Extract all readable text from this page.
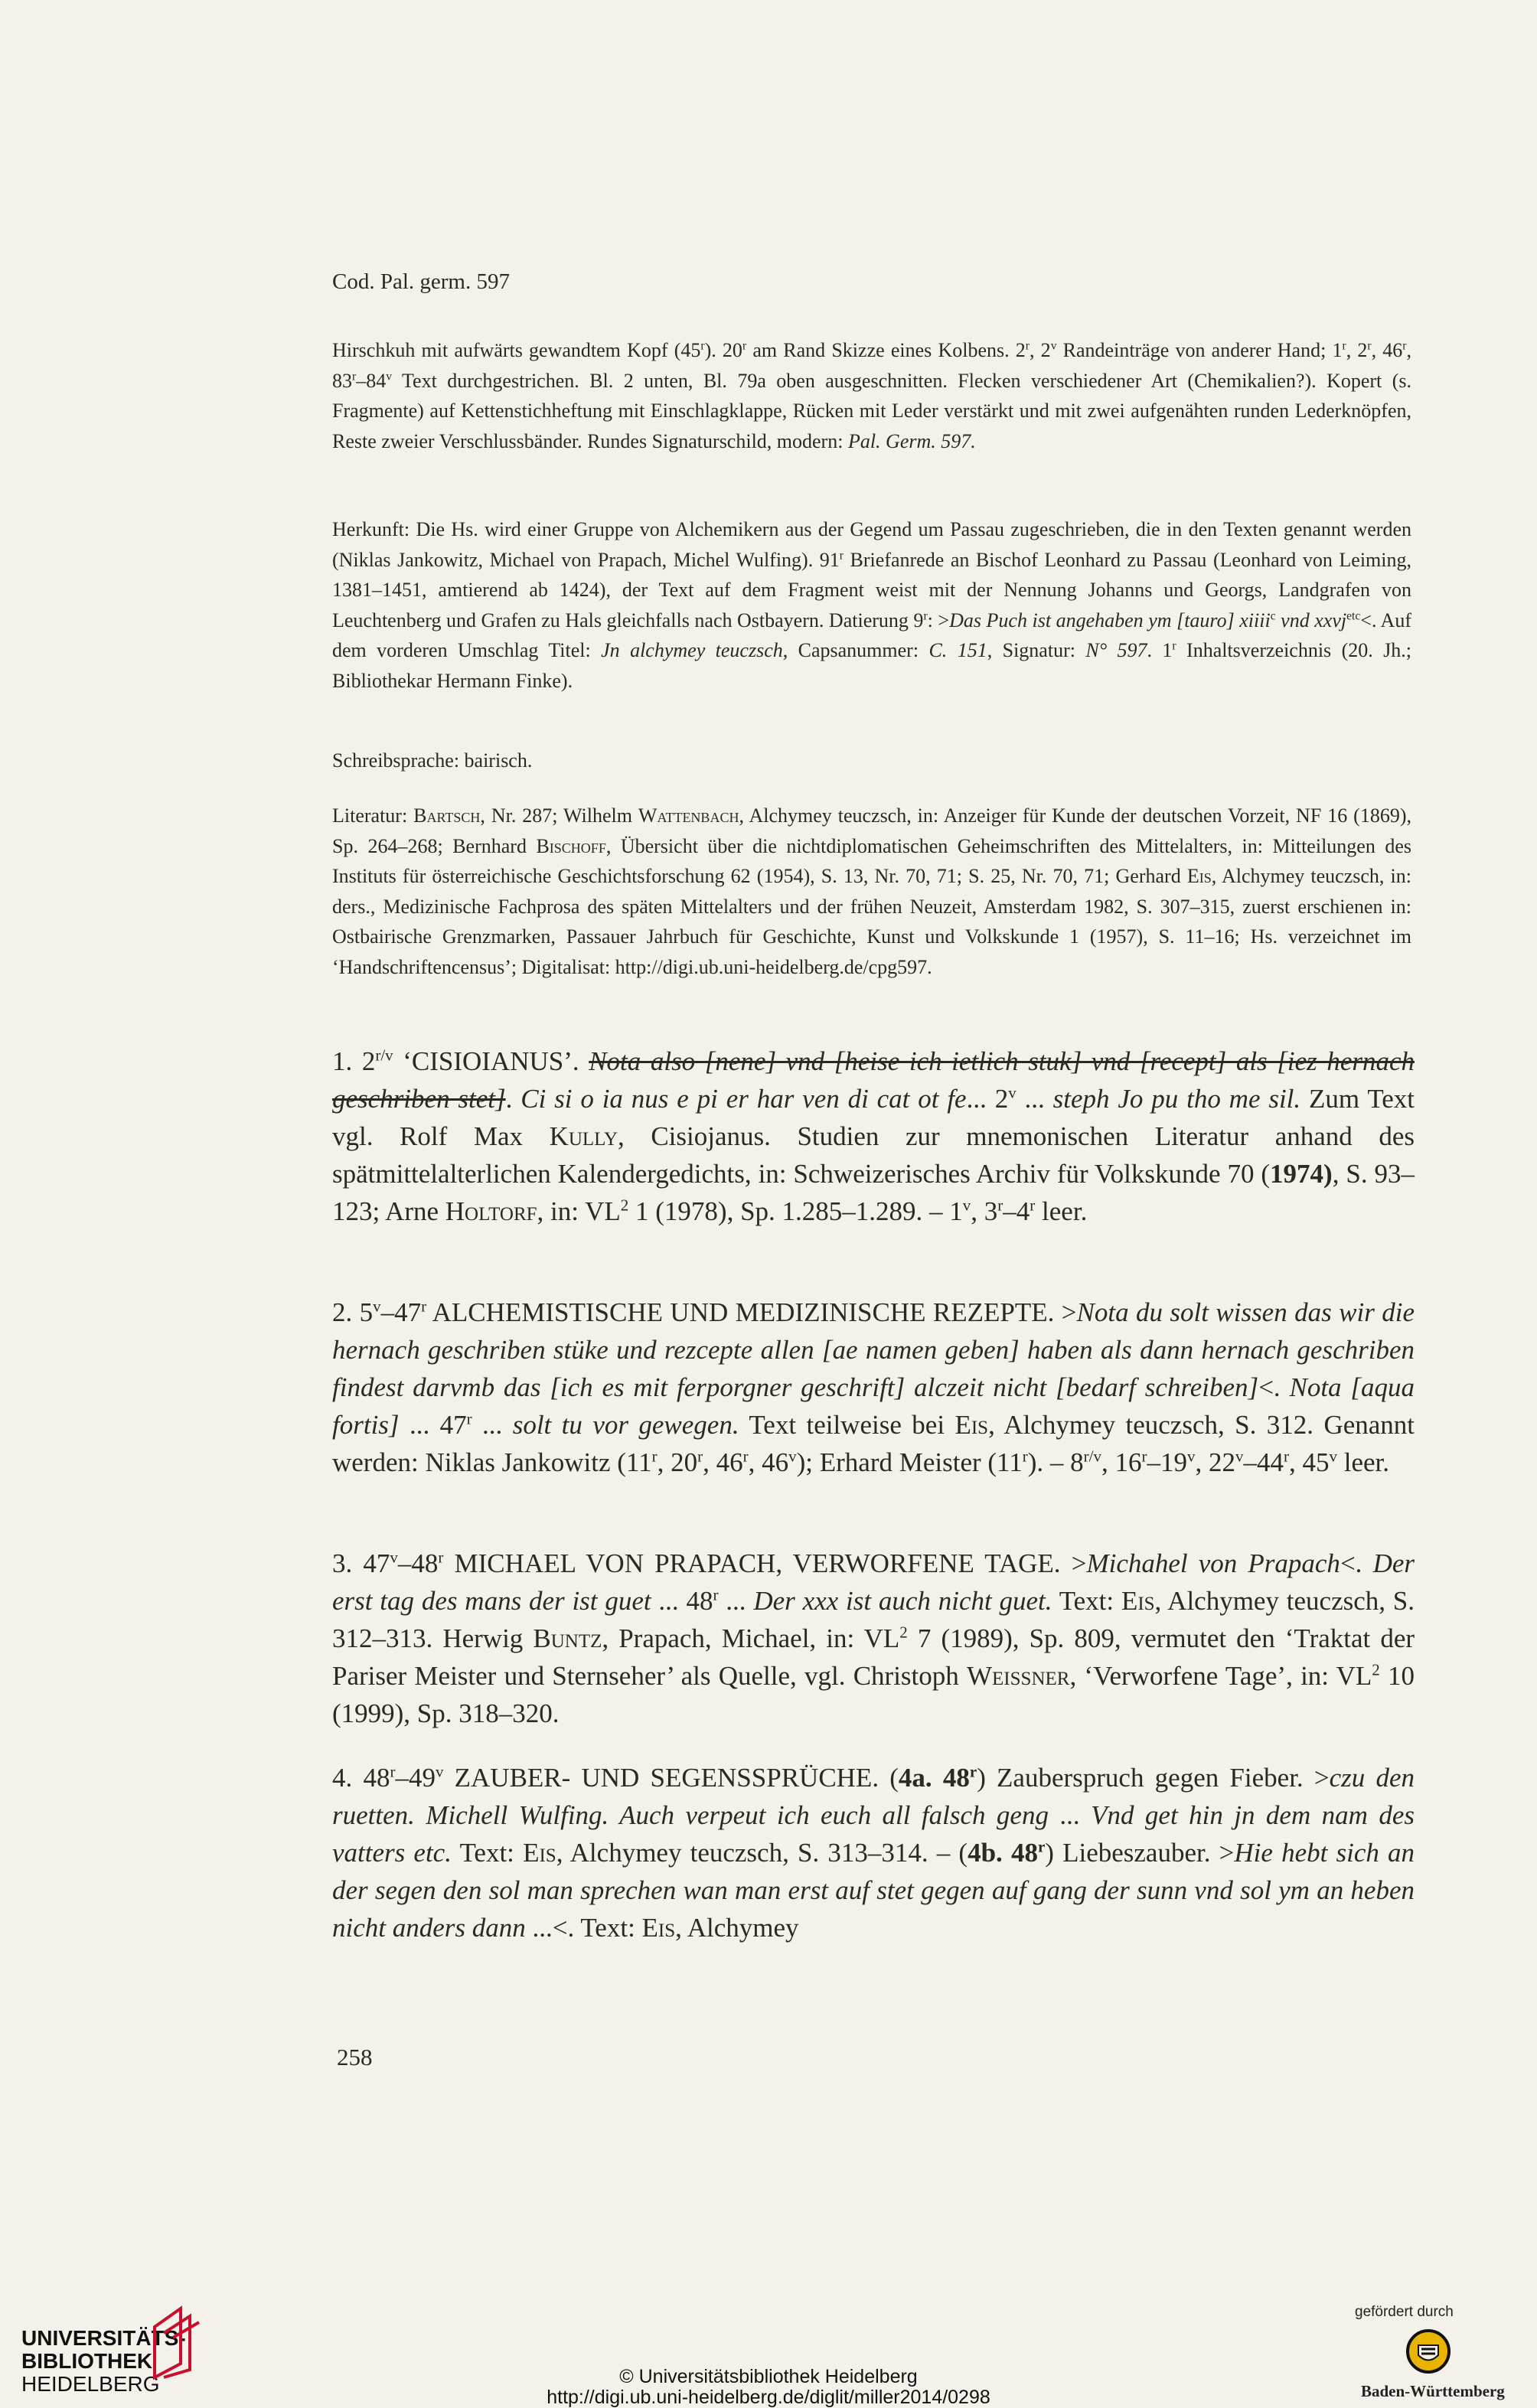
Cod. Pal. germ. 597

Hirschkuh mit aufwärts gewandtem Kopf (45$^r$). 20$^r$ am Rand Skizze eines Kolbens. 2$^r$, 2$^v$ Randeinträge von anderer Hand; 1$^r$, 2$^r$, 46$^r$, 83$^r$–84$^v$ Text durchgestrichen. Bl. 2 unten, Bl. 79a oben ausgeschnitten. Flecken verschiedener Art (Chemikalien?). Kopert (s. Fragmente) auf Kettenstichheftung mit Einschlagklappe, Rücken mit Leder verstärkt und mit zwei aufgenähten runden Lederknöpfen, Reste zweier Verschlussbänder. Rundes Signaturschild, modern: Pal. Germ. 597.

Herkunft: Die Hs. wird einer Gruppe von Alchemikern aus der Gegend um Passau zugeschrieben, die in den Texten genannt werden (Niklas Jankowitz, Michael von Prapach, Michel Wulfing). 91$^r$ Briefanrede an Bischof Leonhard zu Passau (Leonhard von Leiming, 1381–1451, amtierend ab 1424), der Text auf dem Fragment weist mit der Nennung Johanns und Georgs, Landgrafen von Leuchtenberg und Grafen zu Hals gleichfalls nach Ostbayern. Datierung $9^r$: >Das Puch ist angehaben ym [tauro] xiiii$^c$ vnd xxvj$^{etc}$<. Auf dem vorderen Umschlag Titel: Jn alchymey teuczsch, Capsanummer: C. 151, Signatur: N° 597. 1$^r$ Inhaltsverzeichnis (20. Jh.; Bibliothekar Hermann Finke).

Schreibsprache: bairisch.

Literatur: Bartsch, Nr. 287; Wilhelm Wattenbach, Alchymey teuczsch, in: Anzeiger für Kunde der deutschen Vorzeit, NF 16 (1869), Sp. 264–268; Bernhard Bischoff, Übersicht über die nichtdiplomatischen Geheimschriften des Mittelalters, in: Mitteilungen des Instituts für österreichische Geschichtsforschung 62 (1954), S. 13, Nr. 70, 71; S. 25, Nr. 70, 71; Gerhard Eis, Alchymey teuczsch, in: ders., Medizinische Fachprosa des späten Mittelalters und der frühen Neuzeit, Amsterdam 1982, S. 307–315, zuerst erschienen in: Ostbairische Grenzmarken, Passauer Jahrbuch für Geschichte, Kunst und Volkskunde 1 (1957), S. 11–16; Hs. verzeichnet im ‘Handschriftencensus’; Digitalisat: http://digi.ub.uni-heidelberg.de/cpg597.

1. $2^{r/v}$ ‘CISIOIANUS’. Nota also [nene] vnd [heise ich ietlich stuk] vnd [recept] als [iez hernach geschriben stet]. Ci si o ia nus e pi er har ven di cat ot fe... 2$^v$ ... steph Jo pu tho me sil. Zum Text vgl. Rolf Max Kully, Cisiojanus. Studien zur mnemonischen Literatur anhand des spätmittelalterlichen Kalendergedichts, in: Schweizerisches Archiv für Volkskunde 70 (1974), S. 93–123; Arne Holtorf, in: $VL^2$ 1 (1978), Sp. 1.285–1.289. – 1$^v$, 3$^r$–4$^r$ leer.

2. 5$^v$–47$^r$ ALCHEMISTISCHE UND MEDIZINISCHE REZEPTE. >Nota du solt wissen das wir die hernach geschriben stüke und rezcepte allen [ae namen geben] haben als dann hernach geschriben findest darvmb das [ich es mit ferporgner geschrift] alczeit nicht [bedarf schreiben]<. Nota [aqua fortis] ... 47$^r$ ... solt tu vor gewegen. Text teilweise bei Eis, Alchymey teuczsch, S. 312. Genannt werden: Niklas Jankowitz (11$^r$, 20$^r$, 46$^r$, 46$^v$); Erhard Meister (11$^r$). – $8^{r/v}$, 16$^r$–19$^v$, 22$^v$–44$^r$, 45$^v$ leer.

3. 47$^v$–48$^r$ MICHAEL VON PRAPACH, VERWORFENE TAGE. >Michahel von Prapach<. Der erst tag des mans der ist guet ... 48$^r$ ... Der xxx ist auch nicht guet. Text: Eis, Alchymey teuczsch, S. 312–313. Herwig Buntz, Prapach, Michael, in: $VL^2$ 7 (1989), Sp. 809, vermutet den ‘Traktat der Pariser Meister und Sternseher’ als Quelle, vgl. Christoph Weissner, ‘Verworfene Tage’, in: $VL^2$ 10 (1999), Sp. 318–320.

4. 48$^r$–49$^v$ ZAUBER- UND SEGENSSPRÜCHE. (4a. 48$^r$) Zauberspruch gegen Fieber. >czu den ruetten. Michell Wulfing. Auch verpeut ich euch all falsch geng ... Vnd get hin jn dem nam des vatters etc. Text: Eis, Alchymey teuczsch, S. 313–314. – (4b. 48$^r$) Liebeszauber. >Hie hebt sich an der segen den sol man sprechen wan man erst auf stet gegen auf gang der sunn vnd sol ym an heben nicht anders dann ...<. Text: Eis, Alchymey

258
UNIVERSITÄTS-
BIBLIOTHEK
HEIDELBERG	© Universitätsbibliothek Heidelberg
http://digi.ub.uni-heidelberg.de/diglit/miller2014/0298
gefördert durch
Baden-Württemberg
